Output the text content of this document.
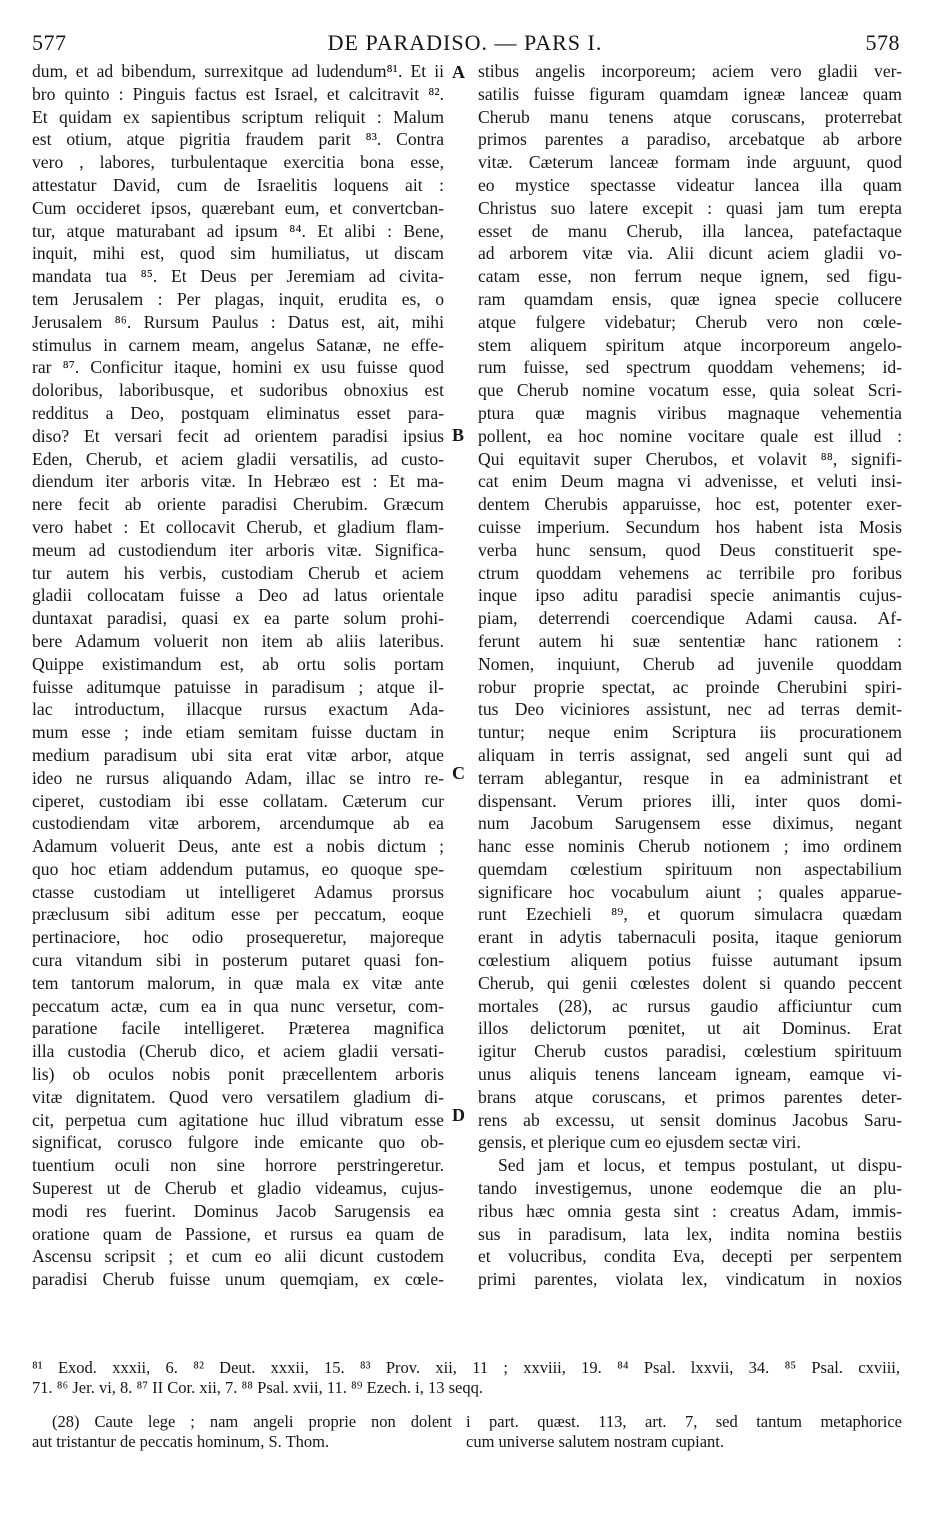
577	DE PARADISO. — PARS I.	578
dum, et ad bibendum, surrexitque ad ludendum⁸¹. Et ii
bro quinto : Pinguis factus est Israel, et calcitravit ⁸².
Et quidam ex sapientibus scriptum reliquit : Malum
est otium, atque pigritia fraudem parit ⁸³. Contra
vero , labores, turbulentaque exercitia bona esse,
attestatur David, cum de Israelitis loquens ait :
Cum occideret ipsos, quærebant eum, et convertcban-
tur, atque maturabant ad ipsum ⁸⁴. Et alibi : Bene,
inquit, mihi est, quod sim humiliatus, ut discam
mandata tua ⁸⁵. Et Deus per Jeremiam ad civita-
tem Jerusalem : Per plagas, inquit, erudita es, o
Jerusalem ⁸⁶. Rursum Paulus : Datus est, ait, mihi
stimulus in carnem meam, angelus Satanæ, ne effe-
rar ⁸⁷. Conficitur itaque, homini ex usu fuisse quod
doloribus, laboribusque, et sudoribus obnoxius est
redditus a Deo, postquam eliminatus esset para-
diso? Et versari fecit ad orientem paradisi ipsius
Eden, Cherub, et aciem gladii versatilis, ad custo-
diendum iter arboris vitæ. In Hebræo est : Et ma-
nere fecit ab oriente paradisi Cherubim. Græcum
vero habet : Et collocavit Cherub, et gladium flam-
meum ad custodiendum iter arboris vitæ. Significa-
tur autem his verbis, custodiam Cherub et aciem
gladii collocatam fuisse a Deo ad latus orientale
duntaxat paradisi, quasi ex ea parte solum prohi-
bere Adamum voluerit non item ab aliis lateribus.
Quippe existimandum est, ab ortu solis portam
fuisse aditumque patuisse in paradisum ; atque il-
lac introductum, illacque rursus exactum Ada-
mum esse ; inde etiam semitam fuisse ductam in
medium paradisum ubi sita erat vitæ arbor, atque
ideo ne rursus aliquando Adam, illac se intro re-
ciperet, custodiam ibi esse collatam. Cæterum cur
custodiendam vitæ arborem, arcendumque ab ea
Adamum voluerit Deus, ante est a nobis dictum ;
quo hoc etiam addendum putamus, eo quoque spe-
ctasse custodiam ut intelligeret Adamus prorsus
præclusum sibi aditum esse per peccatum, eoque
pertinaciore, hoc odio prosequeretur, majoreque
cura vitandum sibi in posterum putaret quasi fon-
tem tantorum malorum, in quæ mala ex vitæ ante
peccatum actæ, cum ea in qua nunc versetur, com-
paratione facile intelligeret. Præterea magnifica
illa custodia (Cherub dico, et aciem gladii versati-
lis) ob oculos nobis ponit præcellentem arboris
vitæ dignitatem. Quod vero versatilem gladium di-
cit, perpetua cum agitatione huc illud vibratum esse
significat, corusco fulgore inde emicante quo ob-
tuentium oculi non sine horrore perstringeretur.
Superest ut de Cherub et gladio videamus, cujus-
modi res fuerint. Dominus Jacob Sarugensis ea
oratione quam de Passione, et rursus ea quam de
Ascensu scripsit ; et cum eo alii dicunt custodem
paradisi Cherub fuisse unum quemqiam, ex cœle-
stibus angelis incorporeum; aciem vero gladii ver-
satilis fuisse figuram quamdam igneæ lanceæ quam
Cherub manu tenens atque coruscans, proterrebat
primos parentes a paradiso, arcebatque ab arbore
vitæ. Cæterum lanceæ formam inde arguunt, quod
eo mystice spectasse videatur lancea illa quam
Christus suo latere excepit : quasi jam tum erepta
esset de manu Cherub, illa lancea, patefactaque
ad arborem vitæ via. Alii dicunt aciem gladii vo-
catam esse, non ferrum neque ignem, sed figu-
ram quamdam ensis, quæ ignea specie collucere
atque fulgere videbatur; Cherub vero non cœle-
stem aliquem spiritum atque incorporeum angelo-
rum fuisse, sed spectrum quoddam vehemens; id-
que Cherub nomine vocatum esse, quia soleat Scri-
ptura quæ magnis viribus magnaque vehementia
pollent, ea hoc nomine vocitare quale est illud :
Qui equitavit super Cherubos, et volavit ⁸⁸, signifi-
cat enim Deum magna vi advenisse, et veluti insi-
dentem Cherubis apparuisse, hoc est, potenter exer-
cuisse imperium. Secundum hos habent ista Mosis
verba hunc sensum, quod Deus constituerit spe-
ctrum quoddam vehemens ac terribile pro foribus
inque ipso aditu paradisi specie animantis cujus-
piam, deterrendi coercendique Adami causa. Af-
ferunt autem hi suæ sententiæ hanc rationem :
Nomen, inquiunt, Cherub ad juvenile quoddam
robur proprie spectat, ac proinde Cherubini spiri-
tus Deo viciniores assistunt, nec ad terras demit-
tuntur; neque enim Scriptura iis procurationem
aliquam in terris assignat, sed angeli sunt qui ad
terram ablegantur, resque in ea administrant et
dispensant. Verum priores illi, inter quos domi-
num Jacobum Sarugensem esse diximus, negant
hanc esse nominis Cherub notionem ; imo ordinem
quemdam cœlestium spirituum non aspectabilium
significare hoc vocabulum aiunt ; quales apparue-
runt Ezechieli ⁸⁹, et quorum simulacra quædam
erant in adytis tabernaculi posita, itaque geniorum
cœlestium aliquem potius fuisse autumant ipsum
Cherub, qui genii cœlestes dolent si quando peccent
mortales (28), ac rursus gaudio afficiuntur cum
illos delictorum pœnitet, ut ait Dominus. Erat
igitur Cherub custos paradisi, cœlestium spirituum
unus aliquis tenens lanceam igneam, eamque vi-
brans atque coruscans, et primos parentes deter-
rens ab excessu, ut sensit dominus Jacobus Saru-
gensis, et plerique cum eo ejusdem sectæ viri.
Sed jam et locus, et tempus postulant, ut dispu-
tando investigemus, unone eodemque die an plu-
ribus hæc omnia gesta sint : creatus Adam, immis-
sus in paradisum, lata lex, indita nomina bestiis
et volucribus, condita Eva, decepti per serpentem
primi parentes, violata lex, vindicatum in noxios
A
B
C
D
⁸¹ Exod. xxxii, 6. ⁸² Deut. xxxii, 15. ⁸³ Prov. xii, 11 ; xxviii, 19. ⁸⁴ Psal. lxxvii, 34. ⁸⁵ Psal. cxviii,
71. ⁸⁶ Jer. vi, 8. ⁸⁷ II Cor. xii, 7. ⁸⁸ Psal. xvii, 11. ⁸⁹ Ezech. i, 13 seqq.
(28) Caute lege ; nam angeli proprie non dolent
aut tristantur de peccatis hominum, S. Thom.
i part. quæst. 113, art. 7, sed tantum metaphorice
cum universe salutem nostram cupiant.
